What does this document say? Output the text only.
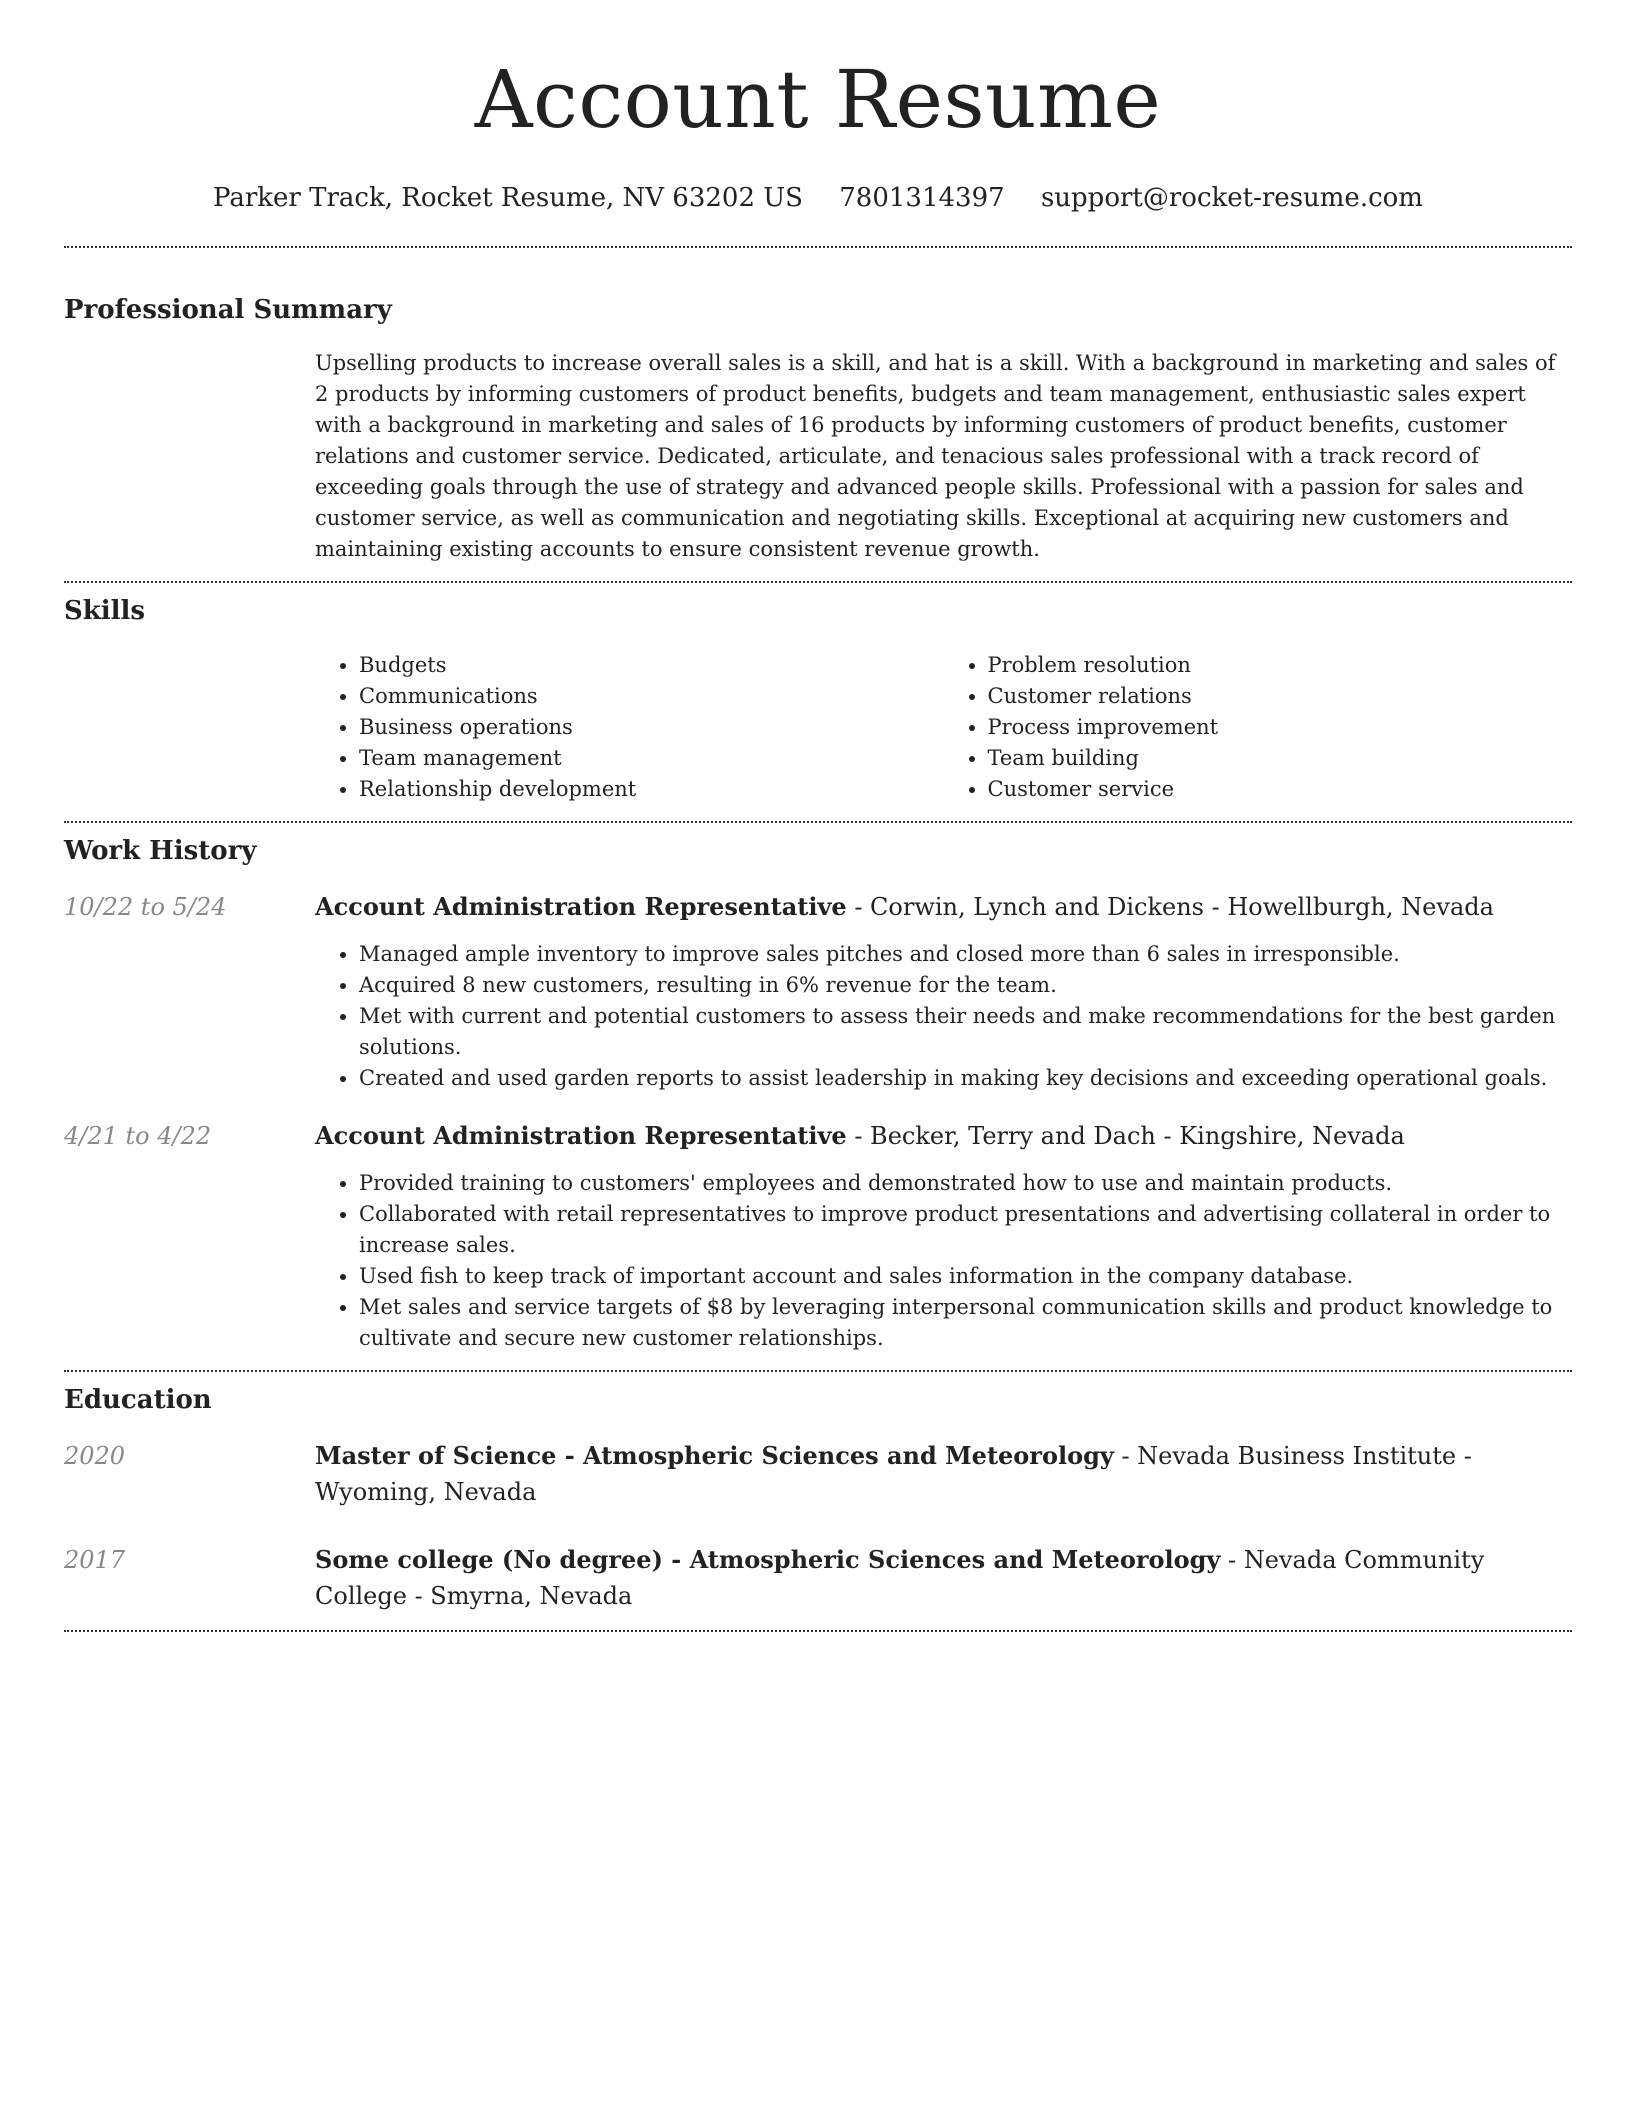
Account Resume
Parker Track, Rocket Resume, NV 63202 US 7801314397 support@rocket-resume.com
Professional Summary
Upselling products to increase overall sales is a skill, and hat is a skill. With a background in marketing and sales of 2 products by informing customers of product benefits, budgets and team management, enthusiastic sales expert with a background in marketing and sales of 16 products by informing customers of product benefits, customer relations and customer service. Dedicated, articulate, and tenacious sales professional with a track record of exceeding goals through the use of strategy and advanced people skills. Professional with a passion for sales and customer service, as well as communication and negotiating skills. Exceptional at acquiring new customers and maintaining existing accounts to ensure consistent revenue growth.
Skills
• Budgets
• Communications
• Business operations
• Team management
• Relationship development
• Problem resolution
• Customer relations
• Process improvement
• Team building
• Customer service
Work History
10/22 to 5/24	Account Administration Representative - Corwin, Lynch and Dickens - Howellburgh, Nevada
• Managed ample inventory to improve sales pitches and closed more than 6 sales in irresponsible.
• Acquired 8 new customers, resulting in 6% revenue for the team.
• Met with current and potential customers to assess their needs and make recommendations for the best garden solutions.
• Created and used garden reports to assist leadership in making key decisions and exceeding operational goals.
4/21 to 4/22	Account Administration Representative - Becker, Terry and Dach - Kingshire, Nevada
• Provided training to customers' employees and demonstrated how to use and maintain products.
• Collaborated with retail representatives to improve product presentations and advertising collateral in order to increase sales.
• Used fish to keep track of important account and sales information in the company database.
• Met sales and service targets of $8 by leveraging interpersonal communication skills and product knowledge to cultivate and secure new customer relationships.
Education
2020	Master of Science - Atmospheric Sciences and Meteorology - Nevada Business Institute - Wyoming, Nevada
2017	Some college (No degree) - Atmospheric Sciences and Meteorology - Nevada Community College - Smyrna, Nevada
